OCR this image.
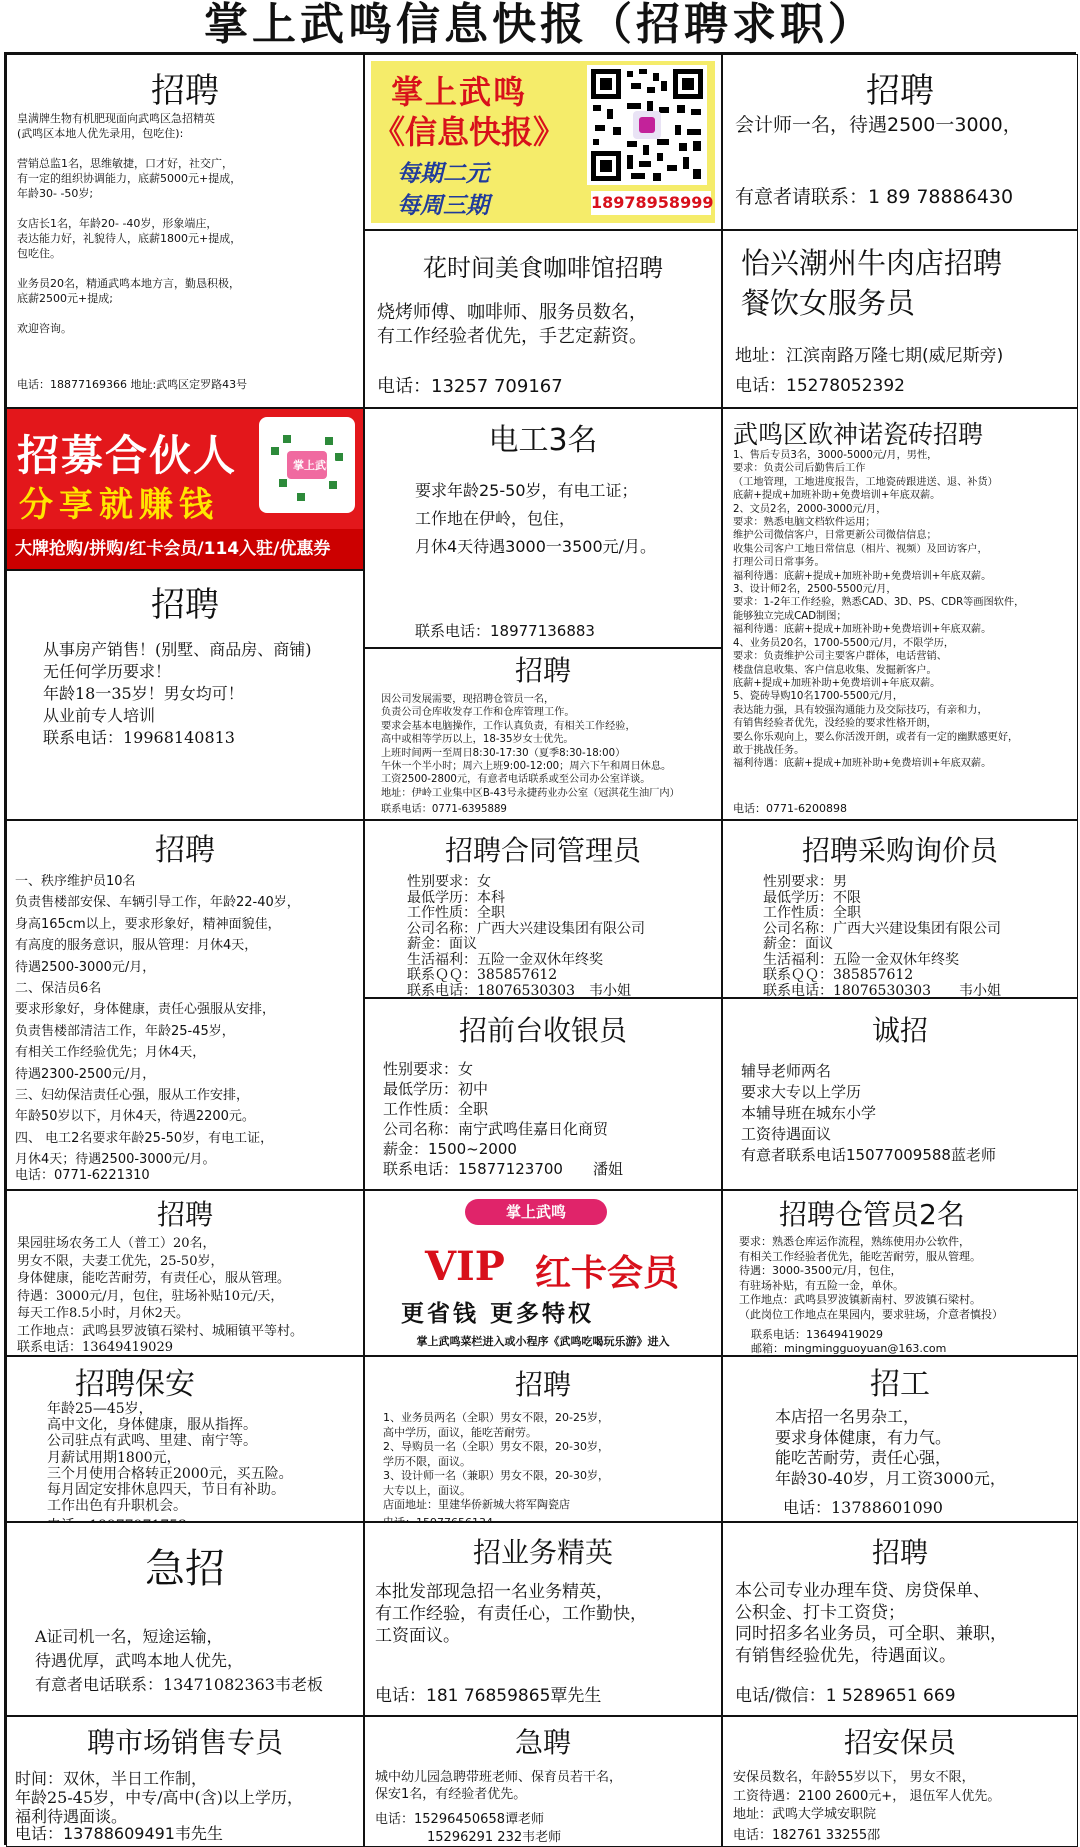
掌上武鸣信息快报（招聘求职）
招聘
皇满牌生物有机肥现面向武鸣区急招精英
(武鸣区本地人优先录用，包吃住):

营销总监1名，思维敏捷，口才好，社交广，
有一定的组织协调能力，底薪5000元+提成，
年龄30- -50岁;

女店长1名，年龄20- -40岁，形象端庄，
表达能力好，礼貌待人，底薪1800元+提成，
包吃住。

业务员20名，精通武鸣本地方言，勤恳积极，
底薪2500元+提成;

欢迎咨询。
电话：18877169366 地址:武鸣区定罗路43号
掌上武鸣
《信息快报》
每期二元
每周三期	18978958999
招聘
会计师一名，待遇2500一3000，
有意者请联系：1 89 78886430
花时间美食咖啡馆招聘
烧烤师傅、咖啡师、服务员数名，
有工作经验者优先，手艺定薪资。
电话：13257 709167
怡兴潮州牛肉店招聘
餐饮女服务员
地址：江滨南路万隆七期(威尼斯旁)
电话：15278052392
招募合伙人
分享就赚钱
掌上武鸣
大牌抢购/拼购/红卡会员/114入驻/优惠券
电工3名
要求年龄25-50岁，有电工证；
工作地在伊岭，包住，
月休4天待遇3000一3500元/月。
联系电话：18977136883
武鸣区欧神诺瓷砖招聘
1、售后专员3名，3000-5000元/月，男性，
要求：负责公司后勤售后工作
（工地管理，工地进度报告，工地瓷砖跟进送、退、补货）
底薪+提成+加班补助+免费培训+年底双薪。
2、文员2名，2000-3000元/月，
要求：熟悉电脑文档软件运用；
维护公司微信客户，日常更新公司微信信息；
收集公司客户工地日常信息（相片、视频）及回访客户，
打理公司日常事务。
福利待遇：底薪+提成+加班补助+免费培训+年底双薪。
3、设计师2名，2500-5500元/月，
要求：1-2年工作经验，熟悉CAD、3D、PS、CDR等画图软件，
能够独立完成CAD制图；
福利待遇：底薪+提成+加班补助+免费培训+年底双薪。
4、业务员20名，1700-5500元/月，不限学历，
要求：负责维护公司主要客户群体，电话营销、
楼盘信息收集、客户信息收集、发掘新客户。
底薪+提成+加班补助+免费培训+年底双薪。
5、瓷砖导购10名1700-5500元/月，
表达能力强，具有较强沟通能力及交际技巧，有亲和力，
有销售经验者优先，没经验的要求性格开朗，
要么你乐观向上，要么你活泼开朗，或者有一定的幽默感更好，
敢于挑战任务。
福利待遇：底薪+提成+加班补助+免费培训+年底双薪。
电话：0771-6200898
招聘
从事房产销售！(别墅、商品房、商铺)
无任何学历要求！
年龄18一35岁！男女均可！
从业前专人培训
联系电话：19968140813
招聘
因公司发展需要，现招聘仓管员一名，
负责公司仓库收发存工作和仓库管理工作。
要求会基本电脑操作，工作认真负责，有相关工作经验，
高中或相等学历以上，18-35岁女士优先。
上班时间两一至周日8:30-17:30（夏季8:30-18:00）
午休一个半小时；周六上班9:00-12:00；周六下午和周日休息。
工资2500-2800元，有意者电话联系或至公司办公室详谈。
地址：伊岭工业集中区B-43号永捷药业办公室（冠淇花生油厂内）
联系电话：0771-6395889
招聘
一、秩序维护员10名
负责售楼部安保、车辆引导工作，年龄22-40岁，
身高165cm以上，要求形象好，精神面貌佳，
有高度的服务意识，服从管理：月休4天，
待遇2500-3000元/月，
二、保洁员6名
要求形象好，身体健康，责任心强服从安排，
负责售楼部清洁工作，年龄25-45岁，
有相关工作经验优先；月休4天，
待遇2300-2500元/月，
三、妇幼保洁责任心强，服从工作安排，
年龄50岁以下，月休4天，待遇2200元。
四、 电工2名要求年龄25-50岁，有电工证，
月休4天；待遇2500-3000元/月。
电话：0771-6221310
招聘合同管理员
性别要求：女
最低学历：本科
工作性质：全职
公司名称：广西大兴建设集团有限公司
薪金：面议
生活福利：五险一金双休年终奖
联系ＱＱ：385857612
联系电话：18076530303　韦小姐
招聘采购询价员
性别要求：男
最低学历：不限
工作性质：全职
公司名称：广西大兴建设集团有限公司
薪金：面议
生活福利：五险一金双休年终奖
联系ＱＱ：385857612
联系电话：18076530303　　韦小姐
招前台收银员
性别要求：女
最低学历：初中
工作性质：全职
公司名称：南宁武鸣佳嘉日化商贸
薪金：1500~2000
联系电话：15877123700　　潘姐
诚招
辅导老师两名
要求大专以上学历
本辅导班在城东小学
工资待遇面议
有意者联系电话15077009588蓝老师
招聘
果园驻场农务工人（普工）20名，
男女不限，夫妻工优先，25-50岁，
身体健康，能吃苦耐劳，有责任心，服从管理。
待遇：3000元/月，包住，驻场补贴10元/天，
每天工作8.5小时，月休2天。
工作地点：武鸣县罗波镇石梁村、城厢镇平等村。
联系电话：13649419029
掌上武鸣
VIP 红卡会员
更省钱 更多特权
掌上武鸣菜栏进入或小程序《武鸣吃喝玩乐游》进入
招聘仓管员2名
要求：熟悉仓库运作流程，熟练使用办公软件，
有相关工作经验者优先，能吃苦耐劳，服从管理。
待遇：3000-3500元/月，包住，
有驻场补贴，有五险一金，单休。
工作地点：武鸣县罗波镇新南村、罗波镇石梁村。
（此岗位工作地点在果园内，要求驻场，介意者慎投）
联系电话：13649419029
邮箱：mingmingguoyuan@163.com
招聘保安
年龄25—45岁，
高中文化，身体健康，服从指挥。
公司驻点有武鸣、里建、南宁等。
月薪试用期1800元，
三个月使用合格转正2000元，买五险。
每月固定安排休息四天，节日有补助。
工作出色有升职机会。
招聘
1、业务员两名（全职）男女不限，20-25岁，
高中学历，面议，能吃苦耐劳。
2、导购员一名（全职）男女不限，20-30岁，
学历不限，面议。
3、设计师一名（兼职）男女不限，20-30岁，
大专以上，面议。
店面地址：里建华侨新城大将军陶瓷店
招工
本店招一名男杂工，
要求身体健康，有力气。
能吃苦耐劳，责任心强，
年龄30-40岁，月工资3000元，
电话：13788601090
急招
A证司机一名，短途运输，
待遇优厚，武鸣本地人优先，
有意者电话联系：13471082363韦老板
招业务精英
本批发部现急招一名业务精英，
有工作经验，有责任心，工作勤快，
工资面议。
电话：181 76859865覃先生
招聘
本公司专业办理车贷、房贷保单、
公积金、打卡工资贷；
同时招多名业务员，可全职、兼职，
有销售经验优先，待遇面议。
电话/微信：1 5289651 669
聘市场销售专员
时间：双休，半日工作制，
年龄25-45岁，中专/高中(含)以上学历，
福利待遇面谈。
电话：13788609491韦先生
急聘
城中幼儿园急聘带班老师、保育员若干名，
保安1名，有经验者优先。
电话：15296450658谭老师
15296291 232韦老师
招安保员
安保员数名，年龄55岁以下， 男女不限，
工资待遇：2100 2600元+， 退伍军人优先。
地址：武鸣大学城安职院
电话：182761 33255邵
